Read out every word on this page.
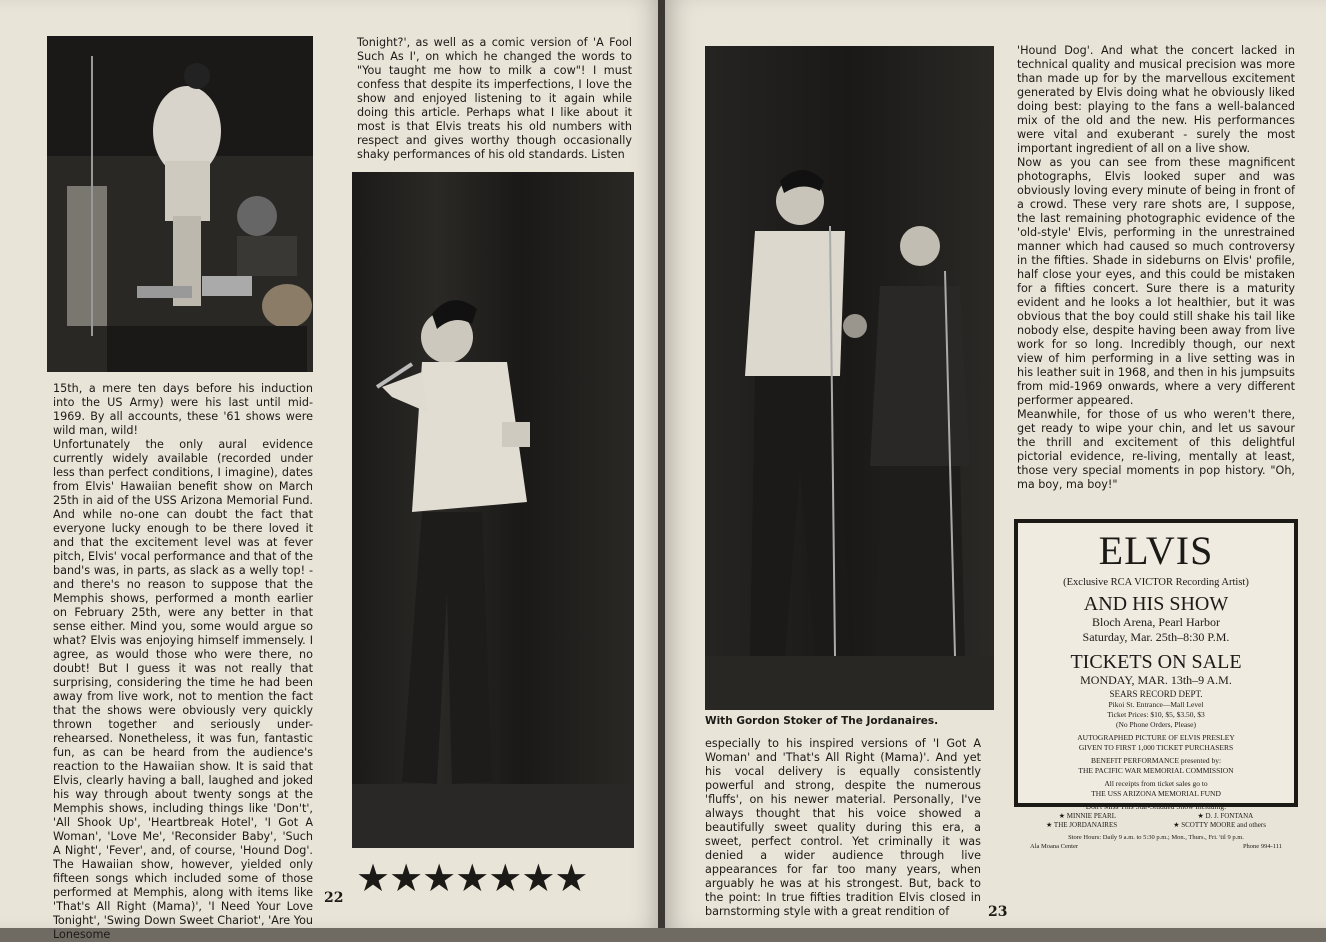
15th, a mere ten days before his induction into the US Army) were his last until mid-1969. By all accounts, these '61 shows were wild man, wild!
Unfortunately the only aural evidence currently widely available (recorded under less than perfect conditions, I imagine), dates from Elvis' Hawaiian benefit show on March 25th in aid of the USS Arizona Memorial Fund. And while no-one can doubt the fact that everyone lucky enough to be there loved it and that the excitement level was at fever pitch, Elvis' vocal performance and that of the band's was, in parts, as slack as a welly top! - and there's no reason to suppose that the Memphis shows, performed a month earlier on February 25th, were any better in that sense either. Mind you, some would argue so what? Elvis was enjoying himself immensely. I agree, as would those who were there, no doubt! But I guess it was not really that surprising, considering the time he had been away from live work, not to mention the fact that the shows were obviously very quickly thrown together and seriously under-rehearsed. Nonetheless, it was fun, fantastic fun, as can be heard from the audience's reaction to the Hawaiian show. It is said that Elvis, clearly having a ball, laughed and joked his way through about twenty songs at the Memphis shows, including things like 'Don't', 'All Shook Up', 'Heartbreak Hotel', 'I Got A Woman', 'Love Me', 'Reconsider Baby', 'Such A Night', 'Fever', and, of course, 'Hound Dog'. The Hawaiian show, however, yielded only fifteen songs which included some of those performed at Memphis, along with items like 'That's All Right (Mama)', 'I Need Your Love Tonight', 'Swing Down Sweet Chariot', 'Are You Lonesome

Tonight?', as well as a comic version of 'A Fool Such As I', on which he changed the words to "You taught me how to milk a cow"! I must confess that despite its imperfections, I love the show and enjoyed listening to it again while doing this article. Perhaps what I like about it most is that Elvis treats his old numbers with respect and gives worthy though occasionally shaky performances of his old standards. Listen

★★★★★★★
22
With Gordon Stoker of The Jordanaires.

especially to his inspired versions of 'I Got A Woman' and 'That's All Right (Mama)'. And yet his vocal delivery is equally consistently powerful and strong, despite the numerous 'fluffs', on his newer material. Personally, I've always thought that his voice showed a beautifully sweet quality during this era, a sweet, perfect control. Yet criminally it was denied a wider audience through live appearances for far too many years, when arguably he was at his strongest. But, back to the point: In true fifties tradition Elvis closed in barnstorming style with a great rendition of

'Hound Dog'. And what the concert lacked in technical quality and musical precision was more than made up for by the marvellous excitement generated by Elvis doing what he obviously liked doing best: playing to the fans a well-balanced mix of the old and the new. His performances were vital and exuberant - surely the most important ingredient of all on a live show.
Now as you can see from these magnificent photographs, Elvis looked super and was obviously loving every minute of being in front of a crowd. These very rare shots are, I suppose, the last remaining photographic evidence of the 'old-style' Elvis, performing in the unrestrained manner which had caused so much controversy in the fifties. Shade in sideburns on Elvis' profile, half close your eyes, and this could be mistaken for a fifties concert. Sure there is a maturity evident and he looks a lot healthier, but it was obvious that the boy could still shake his tail like nobody else, despite having been away from live work for so long. Incredibly though, our next view of him performing in a live setting was in his leather suit in 1968, and then in his jumpsuits from mid-1969 onwards, where a very different performer appeared.
Meanwhile, for those of us who weren't there, get ready to wipe your chin, and let us savour the thrill and excitement of this delightful pictorial evidence, re-living, mentally at least, those very special moments in pop history. "Oh, ma boy, ma boy!"

23
ELVIS
(Exclusive RCA VICTOR Recording Artist)
AND HIS SHOW
Bloch Arena, Pearl Harbor
Saturday, Mar. 25th–8:30 P.M.
TICKETS ON SALE
MONDAY, MAR. 13th–9 A.M.
SEARS RECORD DEPT.
Pikoi St. Entrance—Mall Level
Ticket Prices: $10, $5, $3.50, $3
(No Phone Orders, Please)
AUTOGRAPHED PICTURE OF ELVIS PRESLEY
GIVEN TO FIRST 1,000 TICKET PURCHASERS
BENEFIT PERFORMANCE presented by:
THE PACIFIC WAR MEMORIAL COMMISSION
All receipts from ticket sales go to
THE USS ARIZONA MEMORIAL FUND
Don't Miss This Star-Studded Show Including:
★ MINNIE PEARL	★ D. J. FONTANA
★ THE JORDANAIRES	★ SCOTTY MOORE and others
Store Hours: Daily 9 a.m. to 5:30 p.m.; Mon., Thurs., Fri. 'til 9 p.m.
Ala Moana Center	Phone 994-111
